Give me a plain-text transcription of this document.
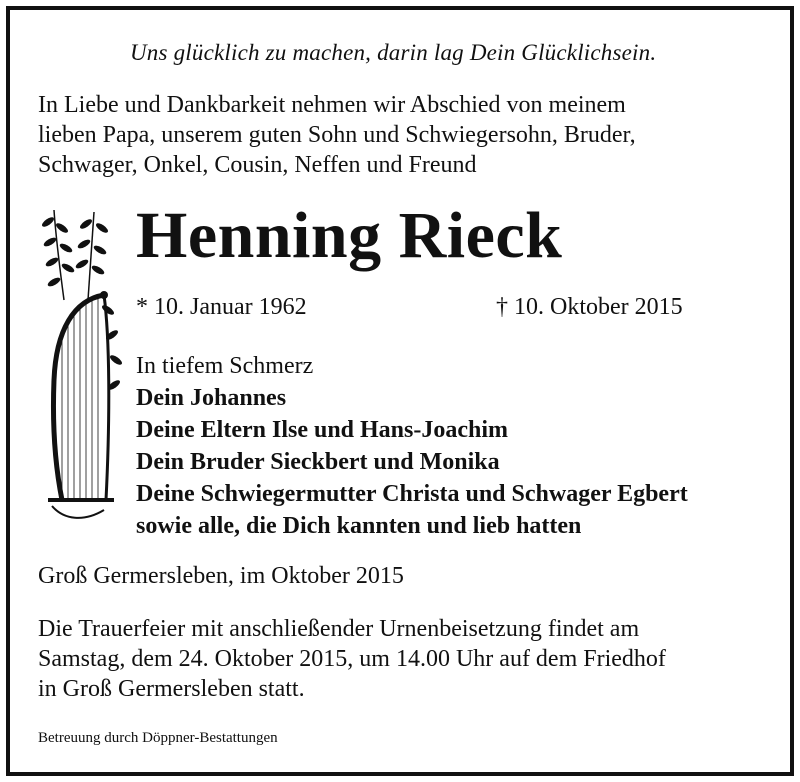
Uns glücklich zu machen, darin lag Dein Glücklichsein.
In Liebe und Dankbarkeit nehmen wir Abschied von meinem
lieben Papa, unserem guten Sohn und Schwiegersohn, Bruder,
Schwager, Onkel, Cousin, Neffen und Freund
Henning Rieck
* 10. Januar 1962	† 10. Oktober 2015
In tiefem Schmerz
Dein Johannes
Deine Eltern Ilse und Hans-Joachim
Dein Bruder Sieckbert und Monika
Deine Schwiegermutter Christa und Schwager Egbert
sowie alle, die Dich kannten und lieb hatten
Groß Germersleben, im Oktober 2015
Die Trauerfeier mit anschließender Urnenbeisetzung findet am
Samstag, dem 24. Oktober 2015, um 14.00 Uhr auf dem Friedhof
in Groß Germersleben statt.
Betreuung durch Döppner-Bestattungen
